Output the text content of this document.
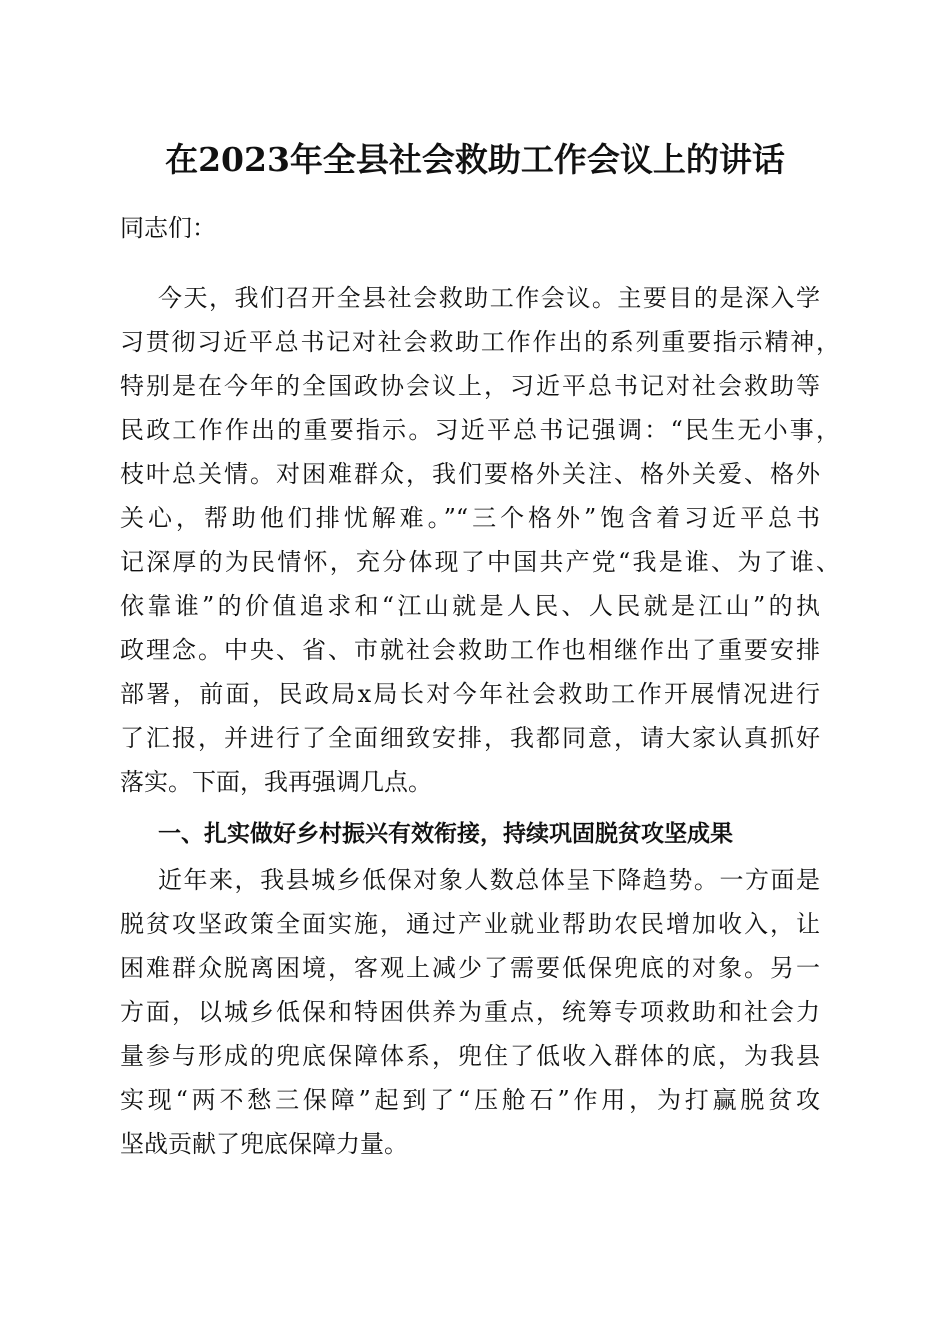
在2023年全县社会救助工作会议上的讲话
同志们：
今天，我们召开全县社会救助工作会议。主要目的是深入学
习贯彻习近平总书记对社会救助工作作出的系列重要指示精神，
特别是在今年的全国政协会议上，习近平总书记对社会救助等
民政工作作出的重要指示。习近平总书记强调：“民生无小事，
枝叶总关情。对困难群众，我们要格外关注、格外关爱、格外
关心，帮助他们排忧解难。”“三个格外”饱含着习近平总书
记深厚的为民情怀，充分体现了中国共产党“我是谁、为了谁、
依靠谁”的价值追求和“江山就是人民、人民就是江山”的执
政理念。中央、省、市就社会救助工作也相继作出了重要安排
部署，前面，民政局x局长对今年社会救助工作开展情况进行
了汇报，并进行了全面细致安排，我都同意，请大家认真抓好
落实。下面，我再强调几点。
一、扎实做好乡村振兴有效衔接，持续巩固脱贫攻坚成果
近年来，我县城乡低保对象人数总体呈下降趋势。一方面是
脱贫攻坚政策全面实施，通过产业就业帮助农民增加收入，让
困难群众脱离困境，客观上减少了需要低保兜底的对象。另一
方面，以城乡低保和特困供养为重点，统筹专项救助和社会力
量参与形成的兜底保障体系，兜住了低收入群体的底，为我县
实现“两不愁三保障”起到了“压舱石”作用，为打赢脱贫攻
坚战贡献了兜底保障力量。
